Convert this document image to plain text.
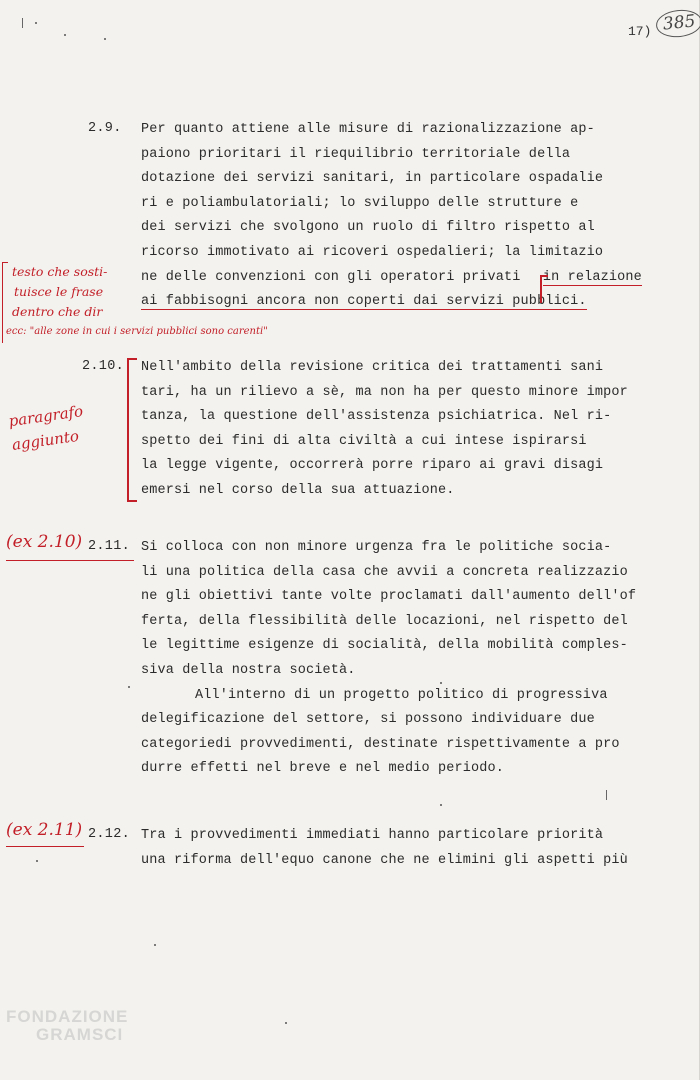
17) 385
2.9. Per quanto attiene alle misure di razionalizzazione ap-
paiono prioritari il riequilibrio territoriale della
dotazione dei servizi sanitari, in particolare ospadalie
ri e poliambulatoriali; lo sviluppo delle strutture e
dei servizi che svolgono un ruolo di filtro rispetto al
ricorso immotivato ai ricoveri ospedalieri; la limitazio
ne delle convenzioni con gli operatori privati in relazione
ai fabbisogni ancora non coperti dai servizi pubblici.
testo che sosti-
tuisce le frase
dentro che dir
ecc: "alle zone in cui i servizi pubblici sono carenti"
2.10. Nell'ambito della revisione critica dei trattamenti sani
tari, ha un rilievo a sè, ma non ha per questo minore impor
tanza, la questione dell'assistenza psichiatrica. Nel ri-
spetto dei fini di alta civiltà a cui intese ispirarsi
la legge vigente, occorrerà porre riparo ai gravi disagi
emersi nel corso della sua attuazione.
paragrafo
aggiunto
(ex 2.10) 2.11. Si colloca con non minore urgenza fra le politiche socia-
li una politica della casa che avvii a concreta realizzazio
ne gli obiettivi tante volte proclamati dall'aumento dell'of
ferta, della flessibilità delle locazioni, nel rispetto del
le legittime esigenze di socialità, della mobilità comples-
siva della nostra società.
All'interno di un progetto politico di progressiva
delegificazione del settore, si possono individuare due
categoriedi provvedimenti, destinate rispettivamente a pro
durre effetti nel breve e nel medio periodo.
(ex 2.11) 2.12. Tra i provvedimenti immediati hanno particolare priorità
una riforma dell'equo canone che ne elimini gli aspetti più
FONDAZIONE
GRAMSCI
